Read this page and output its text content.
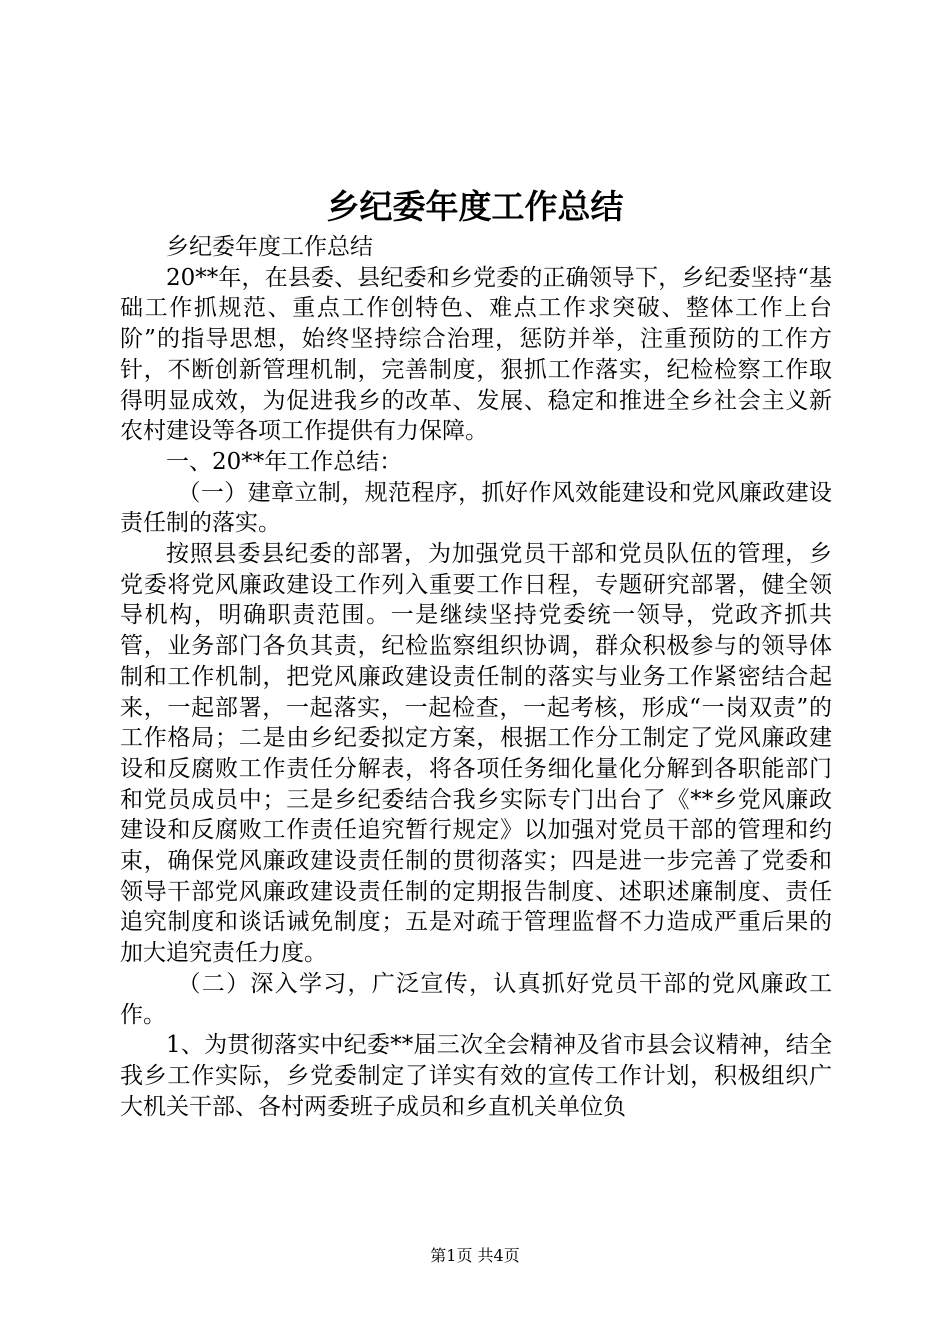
乡纪委年度工作总结

乡纪委年度工作总结

20**年，在县委、县纪委和乡党委的正确领导下，乡纪委坚持“基础工作抓规范、重点工作创特色、难点工作求突破、整体工作上台阶”的指导思想，始终坚持综合治理，惩防并举，注重预防的工作方针，不断创新管理机制，完善制度，狠抓工作落实，纪检检察工作取得明显成效，为促进我乡的改革、发展、稳定和推进全乡社会主义新农村建设等各项工作提供有力保障。

一、20**年工作总结：

（一）建章立制，规范程序，抓好作风效能建设和党风廉政建设责任制的落实。

按照县委县纪委的部署，为加强党员干部和党员队伍的管理，乡党委将党风廉政建设工作列入重要工作日程，专题研究部署，健全领导机构，明确职责范围。一是继续坚持党委统一领导，党政齐抓共管，业务部门各负其责，纪检监察组织协调，群众积极参与的领导体制和工作机制，把党风廉政建设责任制的落实与业务工作紧密结合起来，一起部署，一起落实，一起检查，一起考核，形成“一岗双责”的工作格局；二是由乡纪委拟定方案，根据工作分工制定了党风廉政建设和反腐败工作责任分解表，将各项任务细化量化分解到各职能部门和党员成员中；三是乡纪委结合我乡实际专门出台了《**乡党风廉政建设和反腐败工作责任追究暂行规定》以加强对党员干部的管理和约束，确保党风廉政建设责任制的贯彻落实；四是进一步完善了党委和领导干部党风廉政建设责任制的定期报告制度、述职述廉制度、责任追究制度和谈话诫免制度；五是对疏于管理监督不力造成严重后果的加大追究责任力度。

（二）深入学习，广泛宣传，认真抓好党员干部的党风廉政工作。

1、为贯彻落实中纪委**届三次全会精神及省市县会议精神，结全我乡工作实际，乡党委制定了详实有效的宣传工作计划，积极组织广大机关干部、各村两委班子成员和乡直机关单位负

第1页 共4页
